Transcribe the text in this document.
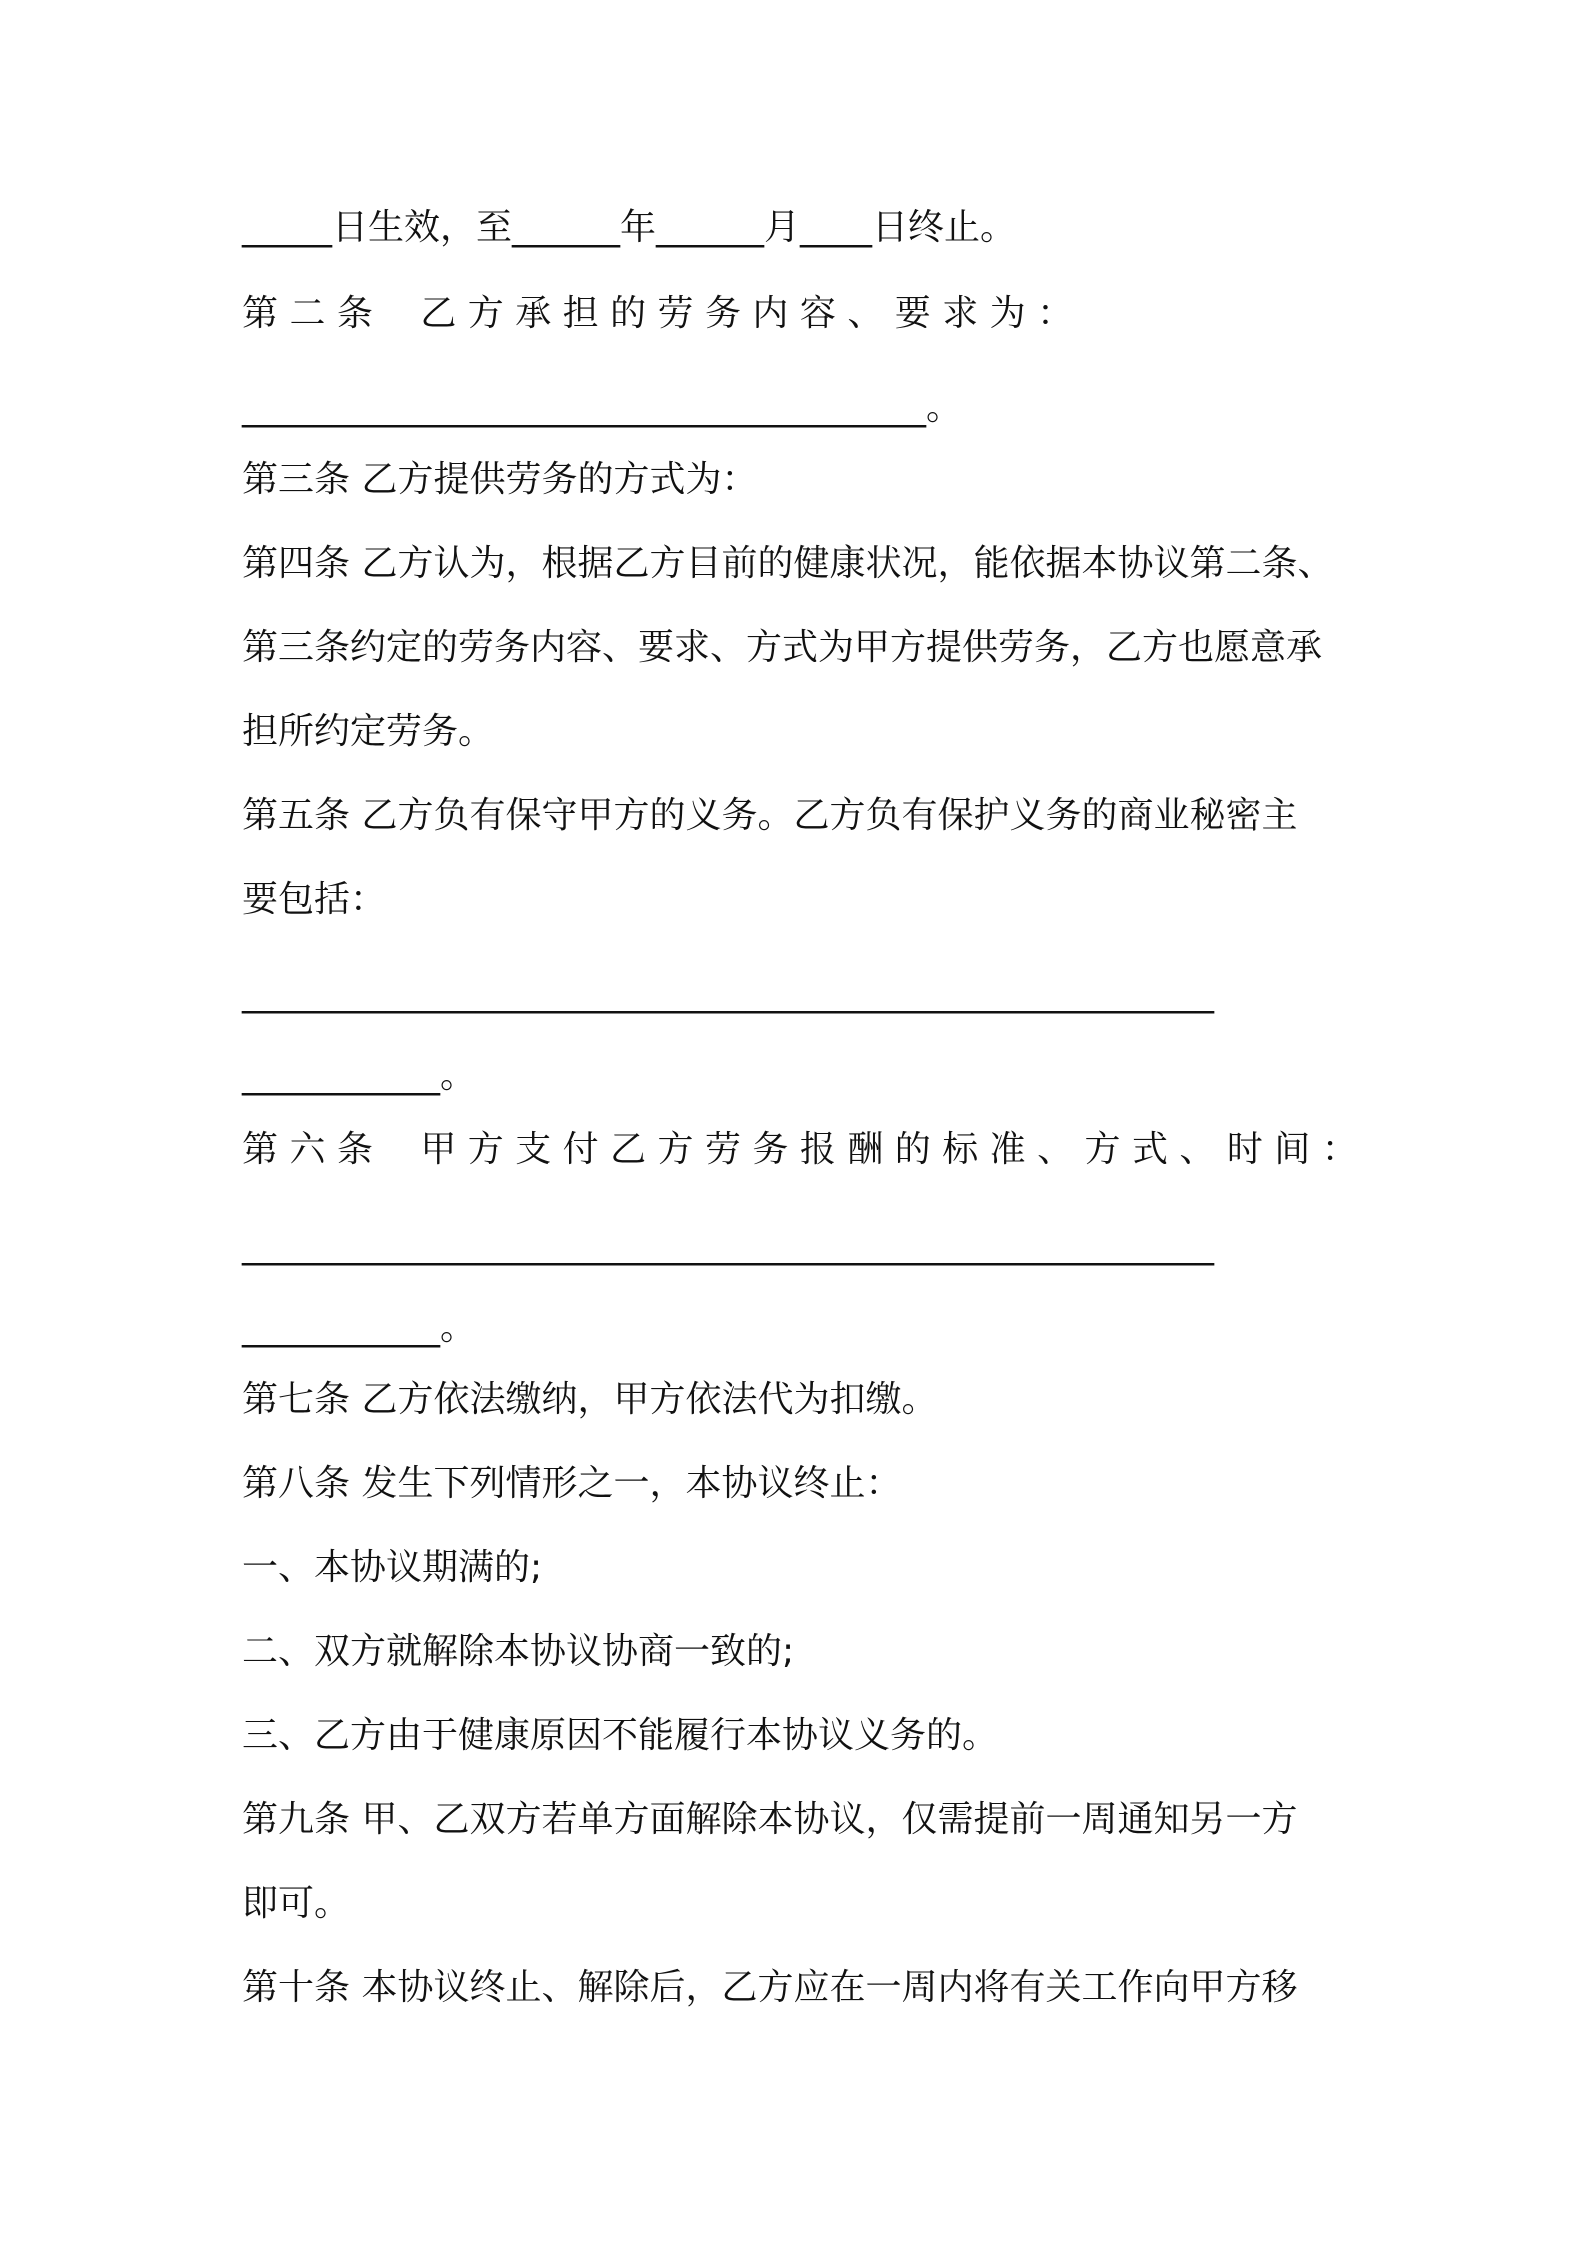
_____日生效，至______年______月____日终止。
第 二 条　 乙 方 承 担 的 劳 务 内 容 、 要 求 为 ：
______________________________________。
第三条 乙方提供劳务的方式为：
第四条 乙方认为，根据乙方目前的健康状况，能依据本协议第二条、
第三条约定的劳务内容、要求、方式为甲方提供劳务，乙方也愿意承
担所约定劳务。
第五条 乙方负有保守甲方的义务。乙方负有保护义务的商业秘密主
要包括：
______________________________________________________
___________。
第 六 条　 甲 方 支 付 乙 方 劳 务 报 酬 的 标 准 、 方 式 、 时 间 ：
______________________________________________________
___________。
第七条 乙方依法缴纳，甲方依法代为扣缴。
第八条 发生下列情形之一，本协议终止：
一、本协议期满的;
二、双方就解除本协议协商一致的;
三、乙方由于健康原因不能履行本协议义务的。
第九条 甲、乙双方若单方面解除本协议，仅需提前一周通知另一方
即可。
第十条 本协议终止、解除后，乙方应在一周内将有关工作向甲方移
